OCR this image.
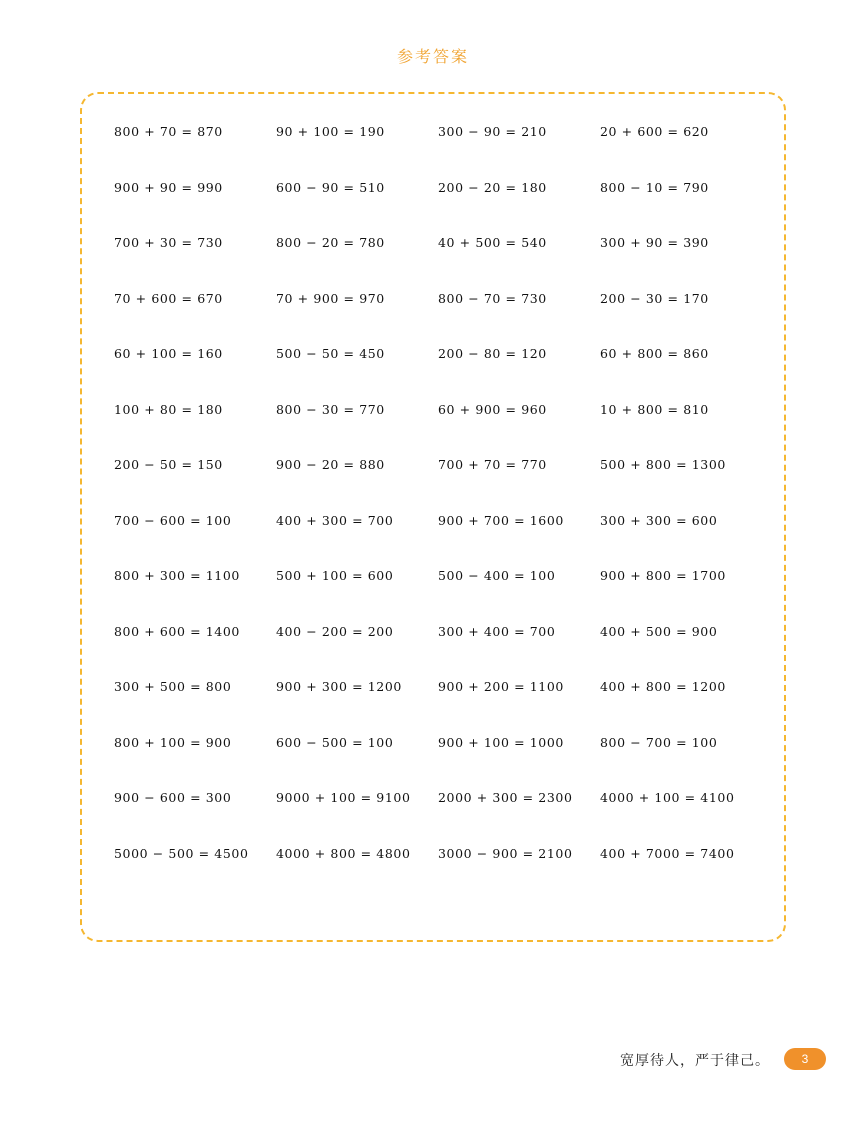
参考答案
800 + 70 = 870	90 + 100 = 190	300 − 90 = 210	20 + 600 = 620
900 + 90 = 990	600 − 90 = 510	200 − 20 = 180	800 − 10 = 790
700 + 30 = 730	800 − 20 = 780	40 + 500 = 540	300 + 90 = 390
70 + 600 = 670	70 + 900 = 970	800 − 70 = 730	200 − 30 = 170
60 + 100 = 160	500 − 50 = 450	200 − 80 = 120	60 + 800 = 860
100 + 80 = 180	800 − 30 = 770	60 + 900 = 960	10 + 800 = 810
200 − 50 = 150	900 − 20 = 880	700 + 70 = 770	500 + 800 = 1300
700 − 600 = 100	400 + 300 = 700	900 + 700 = 1600	300 + 300 = 600
800 + 300 = 1100	500 + 100 = 600	500 − 400 = 100	900 + 800 = 1700
800 + 600 = 1400	400 − 200 = 200	300 + 400 = 700	400 + 500 = 900
300 + 500 = 800	900 + 300 = 1200	900 + 200 = 1100	400 + 800 = 1200
800 + 100 = 900	600 − 500 = 100	900 + 100 = 1000	800 − 700 = 100
900 − 600 = 300	9000 + 100 = 9100	2000 + 300 = 2300	4000 + 100 = 4100
5000 − 500 = 4500	4000 + 800 = 4800	3000 − 900 = 2100	400 + 7000 = 7400
宽厚待人，严于律己。	3
